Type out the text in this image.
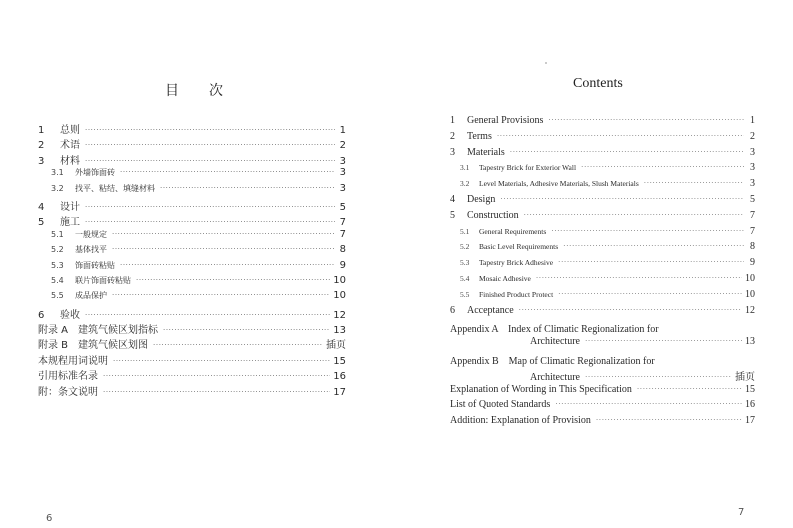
目 次
1	总则 ·····	1
2	术语 ·····	2
3	材料 ·····	3
3.1	外墙饰面砖 ·····	3
3.2	找平、粘结、填缝材料 ·····	3
4	设计 ·····	5
5	施工 ·····	7
5.1	一般规定 ·····	7
5.2	基体找平 ·····	8
5.3	饰面砖粘贴 ·····	9
5.4	联片饰面砖粘贴 ·····	10
5.5	成品保护 ·····	10
6	验收 ·····	12
附录 A　建筑气候区划指标 ·····	13
附录 B　建筑气候区划图 ·····	插页
本规程用词说明 ·····	15
引用标准名录 ·····	16
附：条文说明 ·····	17
6
Contents
1	General Provisions ·····	1
2	Terms ·····	2
3	Materials ·····	3
3.1	Tapestry Brick for Exterior Wall ·····	3
3.2	Level Materials, Adhesive Materials, Slush Materials ·····	3
4	Design ·····	5
5	Construction ·····	7
5.1	General Requirements ·····	7
5.2	Basic Level Requirements ·····	8
5.3	Tapestry Brick Adhesive ·····	9
5.4	Mosaic Adhesive ·····	10
5.5	Finished Product Protect ·····	10
6	Acceptance ·····	12
Appendix A　Index of Climatic Regionalization for
Architecture ·····	13
Appendix B　Map of Climatic Regionalization for
Architecture ·····	插页
Explanation of Wording in This Specification ·····	15
List of Quoted Standards ·····	16
Addition: Explanation of Provision ·····	17
7
